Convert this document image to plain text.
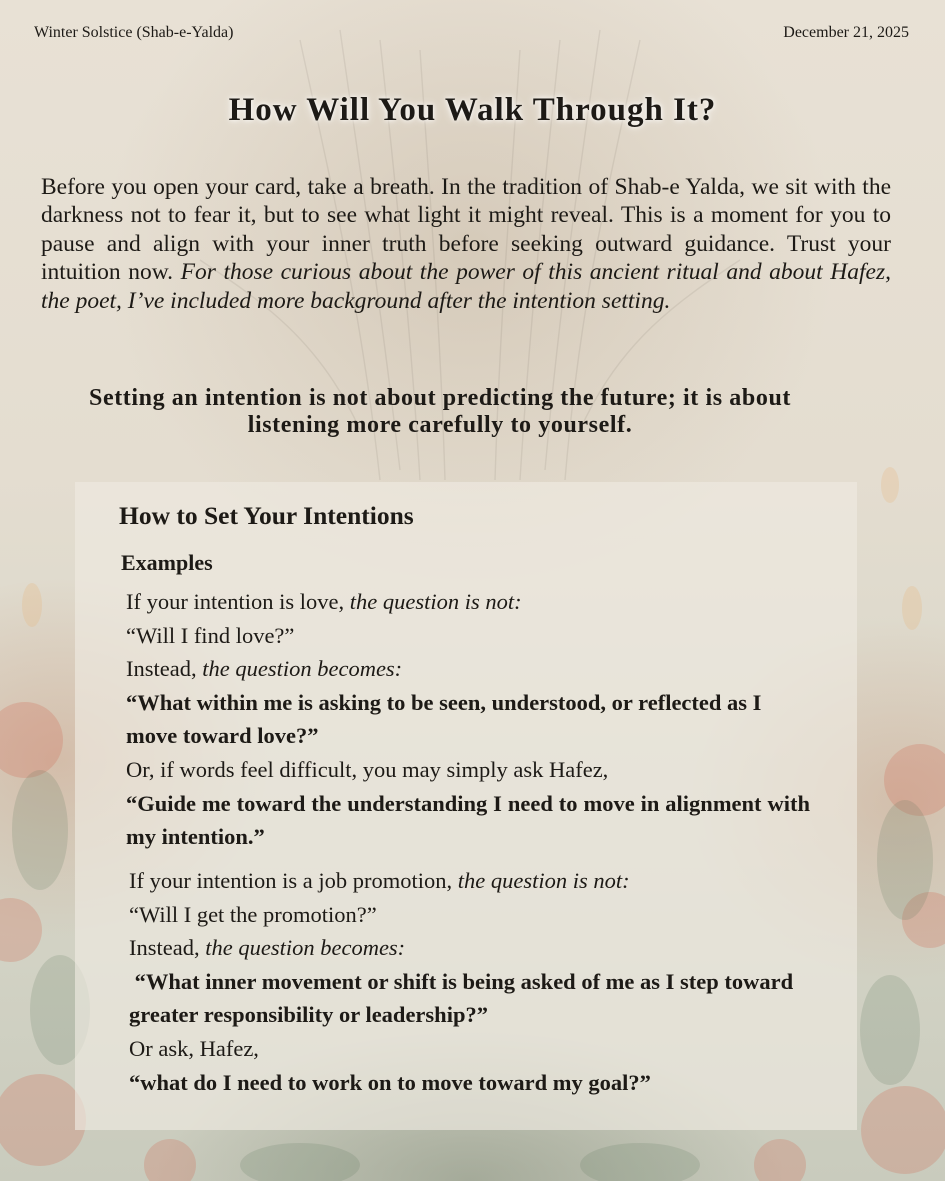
Winter Solstice (Shab-e-Yalda)	December 21, 2025
How Will You Walk Through It?

Before you open your card, take a breath. In the tradition of Shab-e Yalda, we sit with the darkness not to fear it, but to see what light it might reveal. This is a moment for you to pause and align with your inner truth before seeking outward guidance. Trust your intuition now. For those curious about the power of this ancient ritual and about Hafez, the poet, I’ve included more background after the intention setting.

Setting an intention is not about predicting the future; it is about listening more carefully to yourself.

How to Set Your Intentions
Examples
If your intention is love, the question is not:
“Will I find love?”
Instead, the question becomes:
“What within me is asking to be seen, understood, or reflected as I move toward love?”
Or, if words feel difficult, you may simply ask Hafez,
“Guide me toward the understanding I need to move in alignment with my intention.”
If your intention is a job promotion, the question is not:
“Will I get the promotion?”
Instead, the question becomes:
“What inner movement or shift is being asked of me as I step toward greater responsibility or leadership?”
Or ask, Hafez,
“what do I need to work on to move toward my goal?”
